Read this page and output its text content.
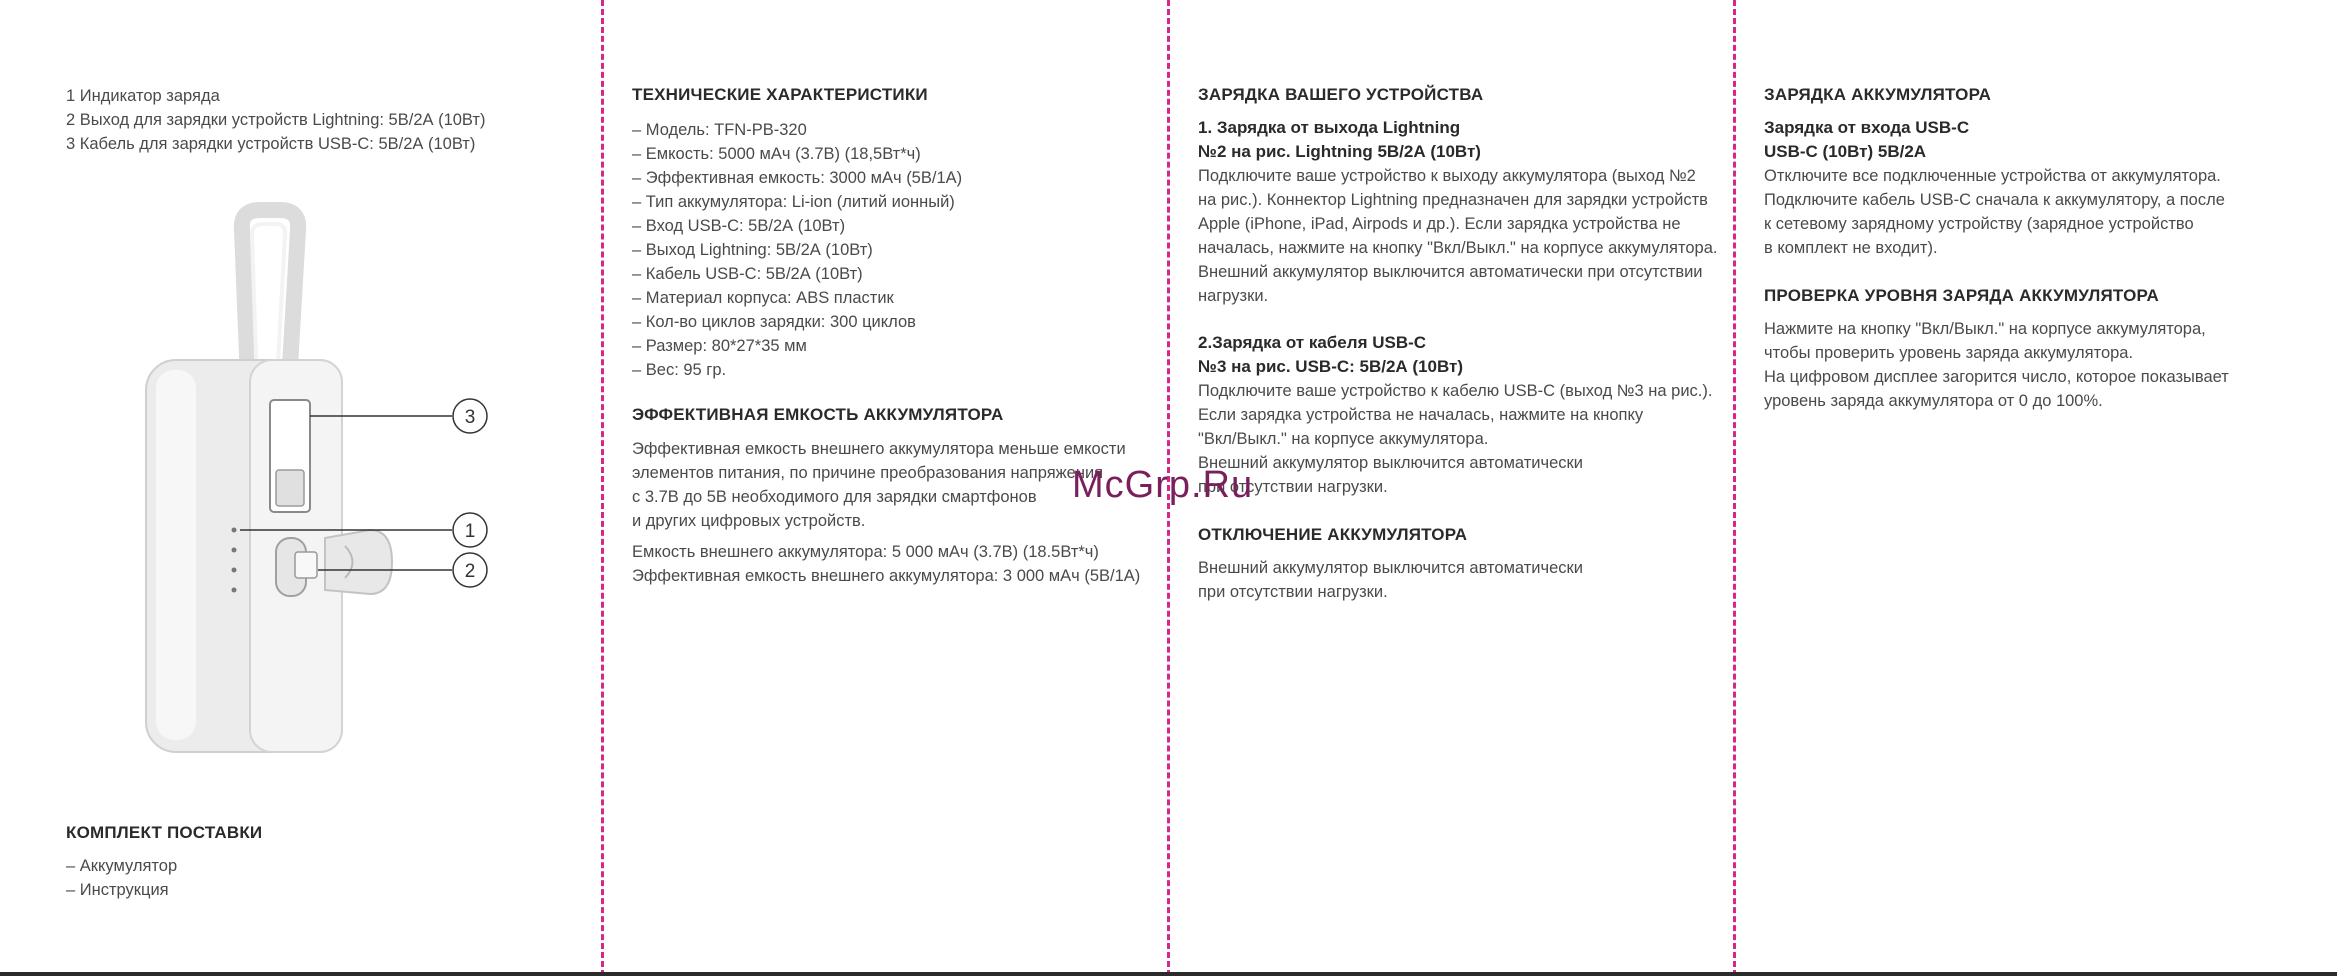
1 Индикатор заряда
2 Выход для зарядки устройств Lightning: 5В/2А (10Вт)
3 Кабель для зарядки устройств USB-C: 5В/2А (10Вт)
3
1
2
КОМПЛЕКТ ПОСТАВКИ
– Аккумулятор
– Инструкция
ТЕХНИЧЕСКИЕ ХАРАКТЕРИСТИКИ
– Модель: TFN-PB-320
– Емкость: 5000 мАч (3.7В) (18,5Вт*ч)
– Эффективная емкость: 3000 мАч (5В/1А)
– Тип аккумулятора: Li-ion (литий ионный)
– Вход USB-C: 5В/2А (10Вт)
– Выход Lightning: 5В/2А (10Вт)
– Кабель USB-C: 5В/2А (10Вт)
– Материал корпуса: ABS пластик
– Кол-во циклов зарядки: 300 циклов
– Размер: 80*27*35 мм
– Вес: 95 гр.
ЭФФЕКТИВНАЯ ЕМКОСТЬ АККУМУЛЯТОРА
Эффективная емкость внешнего аккумулятора меньше емкости
элементов питания, по причине преобразования напряжения
с 3.7В до 5В необходимого для зарядки смартфонов
и других цифровых устройств.
Емкость внешнего аккумулятора: 5 000 мАч (3.7В) (18.5Вт*ч)
Эффективная емкость внешнего аккумулятора: 3 000 мАч (5В/1А)
ЗАРЯДКА ВАШЕГО УСТРОЙСТВА
1. Зарядка от выхода Lightning
№2 на рис. Lightning 5В/2А (10Вт)
Подключите ваше устройство к выходу аккумулятора (выход №2
на рис.). Коннектор Lightning предназначен для зарядки устройств
Apple (iPhone, iPad, Airpods и др.). Если зарядка устройства не
началась, нажмите на кнопку "Вкл/Выкл." на корпусе аккумулятора.
Внешний аккумулятор выключится автоматически при отсутствии
нагрузки.
2.Зарядка от кабеля USB-C
№3 на рис. USB-C: 5В/2А (10Вт)
Подключите ваше устройство к кабелю USB-C (выход №3 на рис.).
Если зарядка устройства не началась, нажмите на кнопку
"Вкл/Выкл." на корпусе аккумулятора.
Внешний аккумулятор выключится автоматически
при отсутствии нагрузки.
ОТКЛЮЧЕНИЕ АККУМУЛЯТОРА
Внешний аккумулятор выключится автоматически
при отсутствии нагрузки.
ЗАРЯДКА АККУМУЛЯТОРА
Зарядка от входа USB-C
USB-C (10Вт) 5В/2А
Отключите все подключенные устройства от аккумулятора.
Подключите кабель USB-C сначала к аккумулятору, а после
к сетевому зарядному устройству (зарядное устройство
в комплект не входит).
ПРОВЕРКА УРОВНЯ ЗАРЯДА АККУМУЛЯТОРА
Нажмите на кнопку "Вкл/Выкл." на корпусе аккумулятора,
чтобы проверить уровень заряда аккумулятора.
На цифровом дисплее загорится число, которое показывает
уровень заряда аккумулятора от 0 до 100%.
McGrp.Ru
